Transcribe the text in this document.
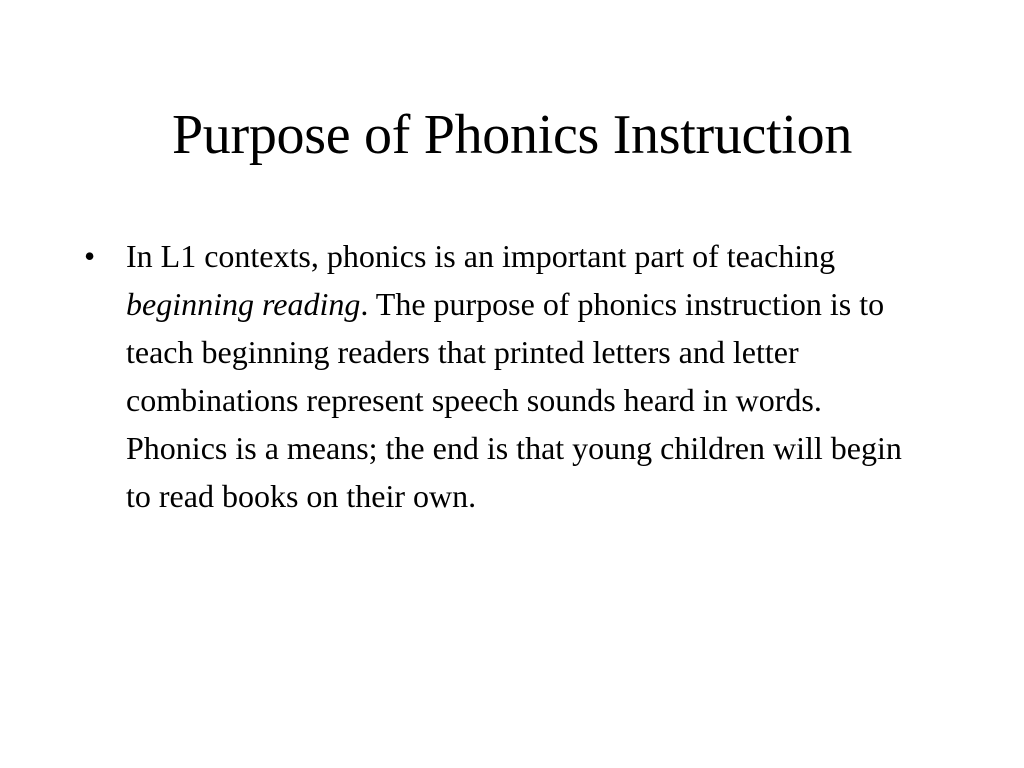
Purpose of Phonics Instruction
• In L1 contexts, phonics is an important part of teaching beginning reading. The purpose of phonics instruction is to teach beginning readers that printed letters and letter combinations represent speech sounds heard in words. Phonics is a means; the end is that young children will begin to read books on their own.
